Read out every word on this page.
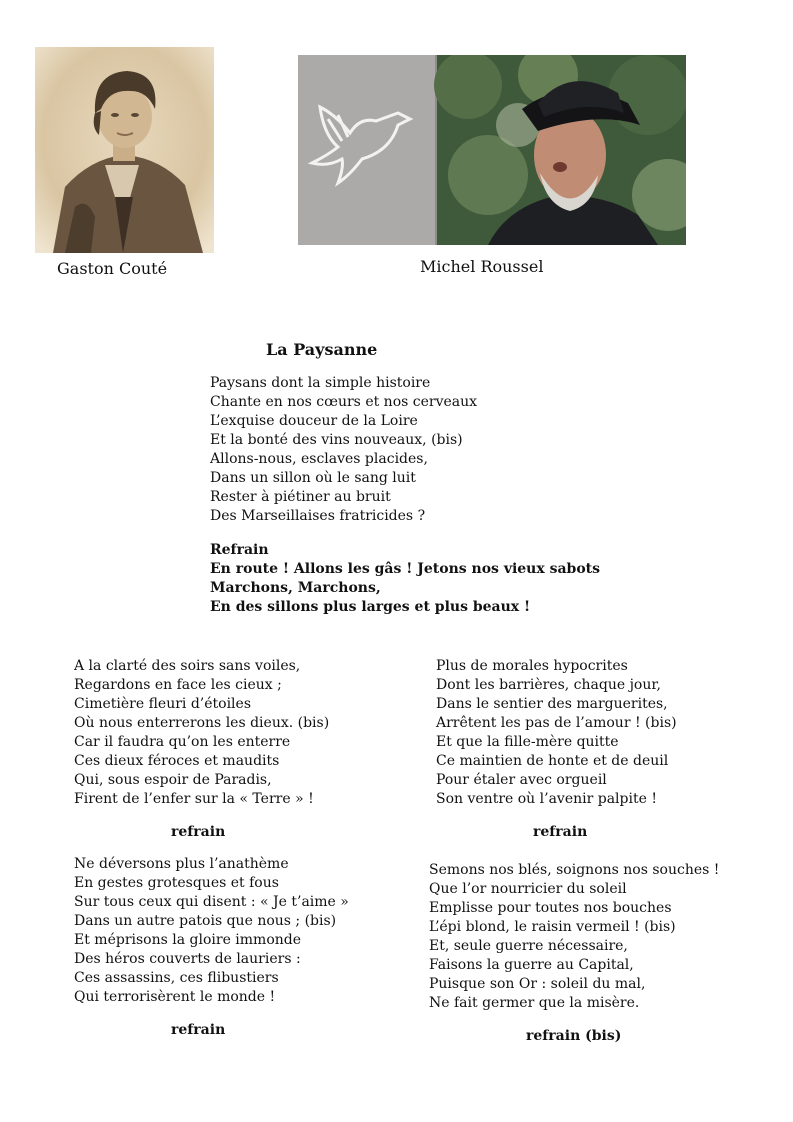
Gaston Couté	Michel Roussel
La Paysanne
Paysans dont la simple histoire
Chante en nos cœurs et nos cerveaux
L’exquise douceur de la Loire
Et la bonté des vins nouveaux, (bis)
Allons-nous, esclaves placides,
Dans un sillon où le sang luit
Rester à piétiner au bruit
Des Marseillaises fratricides ?
Refrain
En route ! Allons les gâs ! Jetons nos vieux sabots
Marchons, Marchons,
En des sillons plus larges et plus beaux !
A la clarté des soirs sans voiles,
Regardons en face les cieux ;
Cimetière fleuri d’étoiles
Où nous enterrerons les dieux. (bis)
Car il faudra qu’on les enterre
Ces dieux féroces et maudits
Qui, sous espoir de Paradis,
Firent de l’enfer sur la « Terre » !
refrain
Plus de morales hypocrites
Dont les barrières, chaque jour,
Dans le sentier des marguerites,
Arrêtent les pas de l’amour ! (bis)
Et que la fille-mère quitte
Ce maintien de honte et de deuil
Pour étaler avec orgueil
Son ventre où l’avenir palpite !
refrain
Ne déversons plus l’anathème
En gestes grotesques et fous
Sur tous ceux qui disent : « Je t’aime »
Dans un autre patois que nous ; (bis)
Et méprisons la gloire immonde
Des héros couverts de lauriers :
Ces assassins, ces flibustiers
Qui terrorisèrent le monde !
refrain
Semons nos blés, soignons nos souches !
Que l’or nourricier du soleil
Emplisse pour toutes nos bouches
L’épi blond, le raisin vermeil ! (bis)
Et, seule guerre nécessaire,
Faisons la guerre au Capital,
Puisque son Or : soleil du mal,
Ne fait germer que la misère.
refrain (bis)
